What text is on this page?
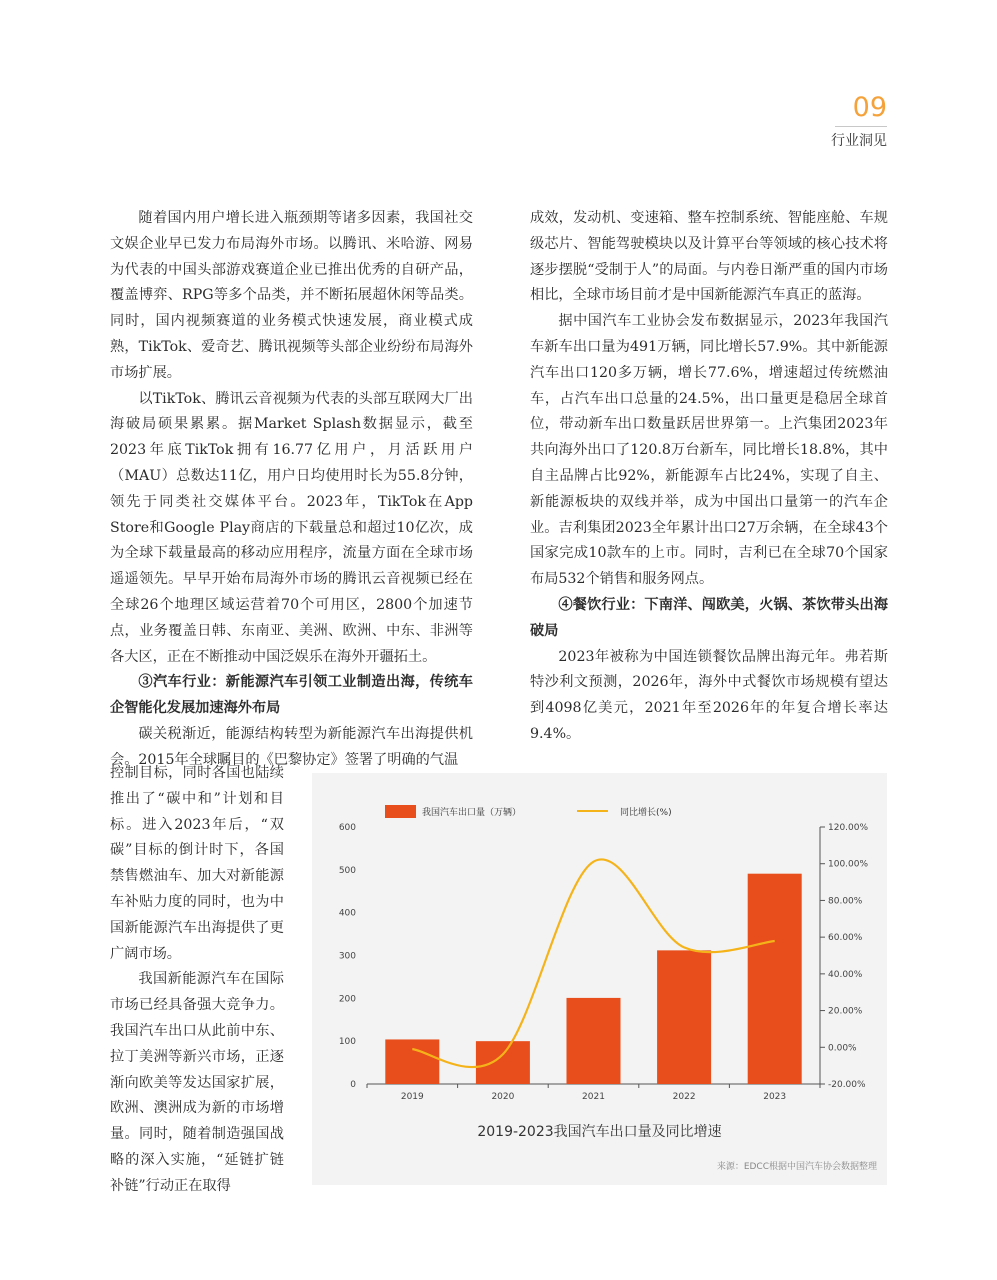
09
行业洞见

随着国内用户增长进入瓶颈期等诸多因素，我国社交文娱企业早已发力布局海外市场。以腾讯、米哈游、网易为代表的中国头部游戏赛道企业已推出优秀的自研产品，覆盖博弈、RPG等多个品类，并不断拓展超休闲等品类。同时，国内视频赛道的业务模式快速发展，商业模式成熟，TikTok、爱奇艺、腾讯视频等头部企业纷纷布局海外市场扩展。

以TikTok、腾讯云音视频为代表的头部互联网大厂出海破局硕果累累。据Market Splash数据显示，截至2023年底TikTok拥有16.77亿用户，月活跃用户（MAU）总数达11亿，用户日均使用时长为55.8分钟，领先于同类社交媒体平台。2023年，TikTok在App Store和Google Play商店的下载量总和超过10亿次，成为全球下载量最高的移动应用程序，流量方面在全球市场遥遥领先。早早开始布局海外市场的腾讯云音视频已经在全球26个地理区域运营着70个可用区，2800个加速节点，业务覆盖日韩、东南亚、美洲、欧洲、中东、非洲等各大区，正在不断推动中国泛娱乐在海外开疆拓土。

③汽车行业：新能源汽车引领工业制造出海，传统车企智能化发展加速海外布局

碳关税渐近，能源结构转型为新能源汽车出海提供机会。2015年全球瞩目的《巴黎协定》签署了明确的气温

控制目标，同时各国也陆续推出了“碳中和”计划和目标。进入2023年后，“双碳”目标的倒计时下，各国禁售燃油车、加大对新能源车补贴力度的同时，也为中国新能源汽车出海提供了更广阔市场。

我国新能源汽车在国际市场已经具备强大竞争力。我国汽车出口从此前中东、拉丁美洲等新兴市场，正逐渐向欧美等发达国家扩展，欧洲、澳洲成为新的市场增量。同时，随着制造强国战略的深入实施，“延链扩链补链”行动正在取得

成效，发动机、变速箱、整车控制系统、智能座舱、车规级芯片、智能驾驶模块以及计算平台等领域的核心技术将逐步摆脱“受制于人”的局面。与内卷日渐严重的国内市场相比，全球市场目前才是中国新能源汽车真正的蓝海。

据中国汽车工业协会发布数据显示，2023年我国汽车新车出口量为491万辆，同比增长57.9%。其中新能源汽车出口120多万辆，增长77.6%，增速超过传统燃油车，占汽车出口总量的24.5%，出口量更是稳居全球首位，带动新车出口数量跃居世界第一。上汽集团2023年共向海外出口了120.8万台新车，同比增长18.8%，其中自主品牌占比92%，新能源车占比24%，实现了自主、新能源板块的双线并举，成为中国出口量第一的汽车企业。吉利集团2023全年累计出口27万余辆，在全球43个国家完成10款车的上市。同时，吉利已在全球70个国家布局532个销售和服务网点。

④餐饮行业：下南洋、闯欧美，火锅、茶饮带头出海破局

2023年被称为中国连锁餐饮品牌出海元年。弗若斯特沙利文预测，2026年，海外中式餐饮市场规模有望达到4098亿美元，2021年至2026年的年复合增长率达9.4%。

2019	2020	2021	2022	2023
0
100
200
300
400
500
600
-20.00%
0.00%
20.00%
40.00%
60.00%
80.00%
100.00%
120.00%
我国汽车出口量（万辆）	同比增长(%)
2019-2023我国汽车出口量及同比增速
来源：EDCC根据中国汽车协会数据整理
